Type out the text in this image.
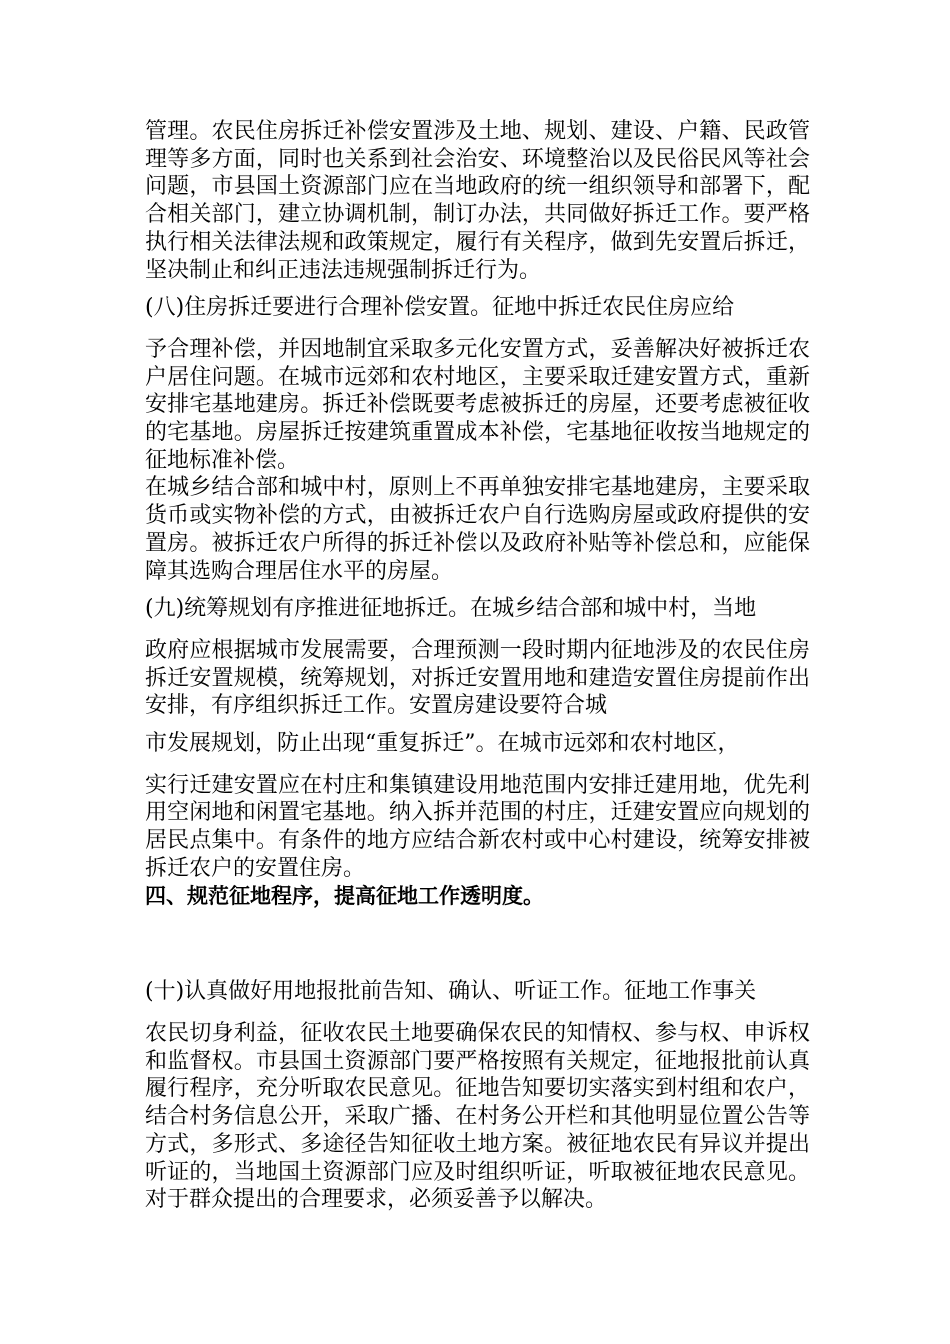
管理。农民住房拆迁补偿安置涉及土地、规划、建设、户籍、民政管理等多方面，同时也关系到社会治安、环境整治以及民俗民风等社会问题，市县国土资源部门应在当地政府的统一组织领导和部署下，配合相关部门，建立协调机制，制订办法，共同做好拆迁工作。要严格执行相关法律法规和政策规定，履行有关程序，做到先安置后拆迁，坚决制止和纠正违法违规强制拆迁行为。

(八)住房拆迁要进行合理补偿安置。征地中拆迁农民住房应给

予合理补偿，并因地制宜采取多元化安置方式，妥善解决好被拆迁农户居住问题。在城市远郊和农村地区，主要采取迁建安置方式，重新安排宅基地建房。拆迁补偿既要考虑被拆迁的房屋，还要考虑被征收的宅基地。房屋拆迁按建筑重置成本补偿，宅基地征收按当地规定的征地标准补偿。

在城乡结合部和城中村，原则上不再单独安排宅基地建房，主要采取货币或实物补偿的方式，由被拆迁农户自行选购房屋或政府提供的安置房。被拆迁农户所得的拆迁补偿以及政府补贴等补偿总和，应能保障其选购合理居住水平的房屋。

(九)统筹规划有序推进征地拆迁。在城乡结合部和城中村，当地

政府应根据城市发展需要，合理预测一段时期内征地涉及的农民住房拆迁安置规模，统筹规划，对拆迁安置用地和建造安置住房提前作出安排，有序组织拆迁工作。安置房建设要符合城

市发展规划，防止出现“重复拆迁”。在城市远郊和农村地区，

实行迁建安置应在村庄和集镇建设用地范围内安排迁建用地，优先利用空闲地和闲置宅基地。纳入拆并范围的村庄，迁建安置应向规划的居民点集中。有条件的地方应结合新农村或中心村建设，统筹安排被拆迁农户的安置住房。

四、规范征地程序，提高征地工作透明度。

(十)认真做好用地报批前告知、确认、听证工作。征地工作事关

农民切身利益，征收农民土地要确保农民的知情权、参与权、申诉权和监督权。市县国土资源部门要严格按照有关规定，征地报批前认真履行程序，充分听取农民意见。征地告知要切实落实到村组和农户，结合村务信息公开，采取广播、在村务公开栏和其他明显位置公告等方式，多形式、多途径告知征收土地方案。被征地农民有异议并提出听证的，当地国土资源部门应及时组织听证，听取被征地农民意见。对于群众提出的合理要求，必须妥善予以解决。
